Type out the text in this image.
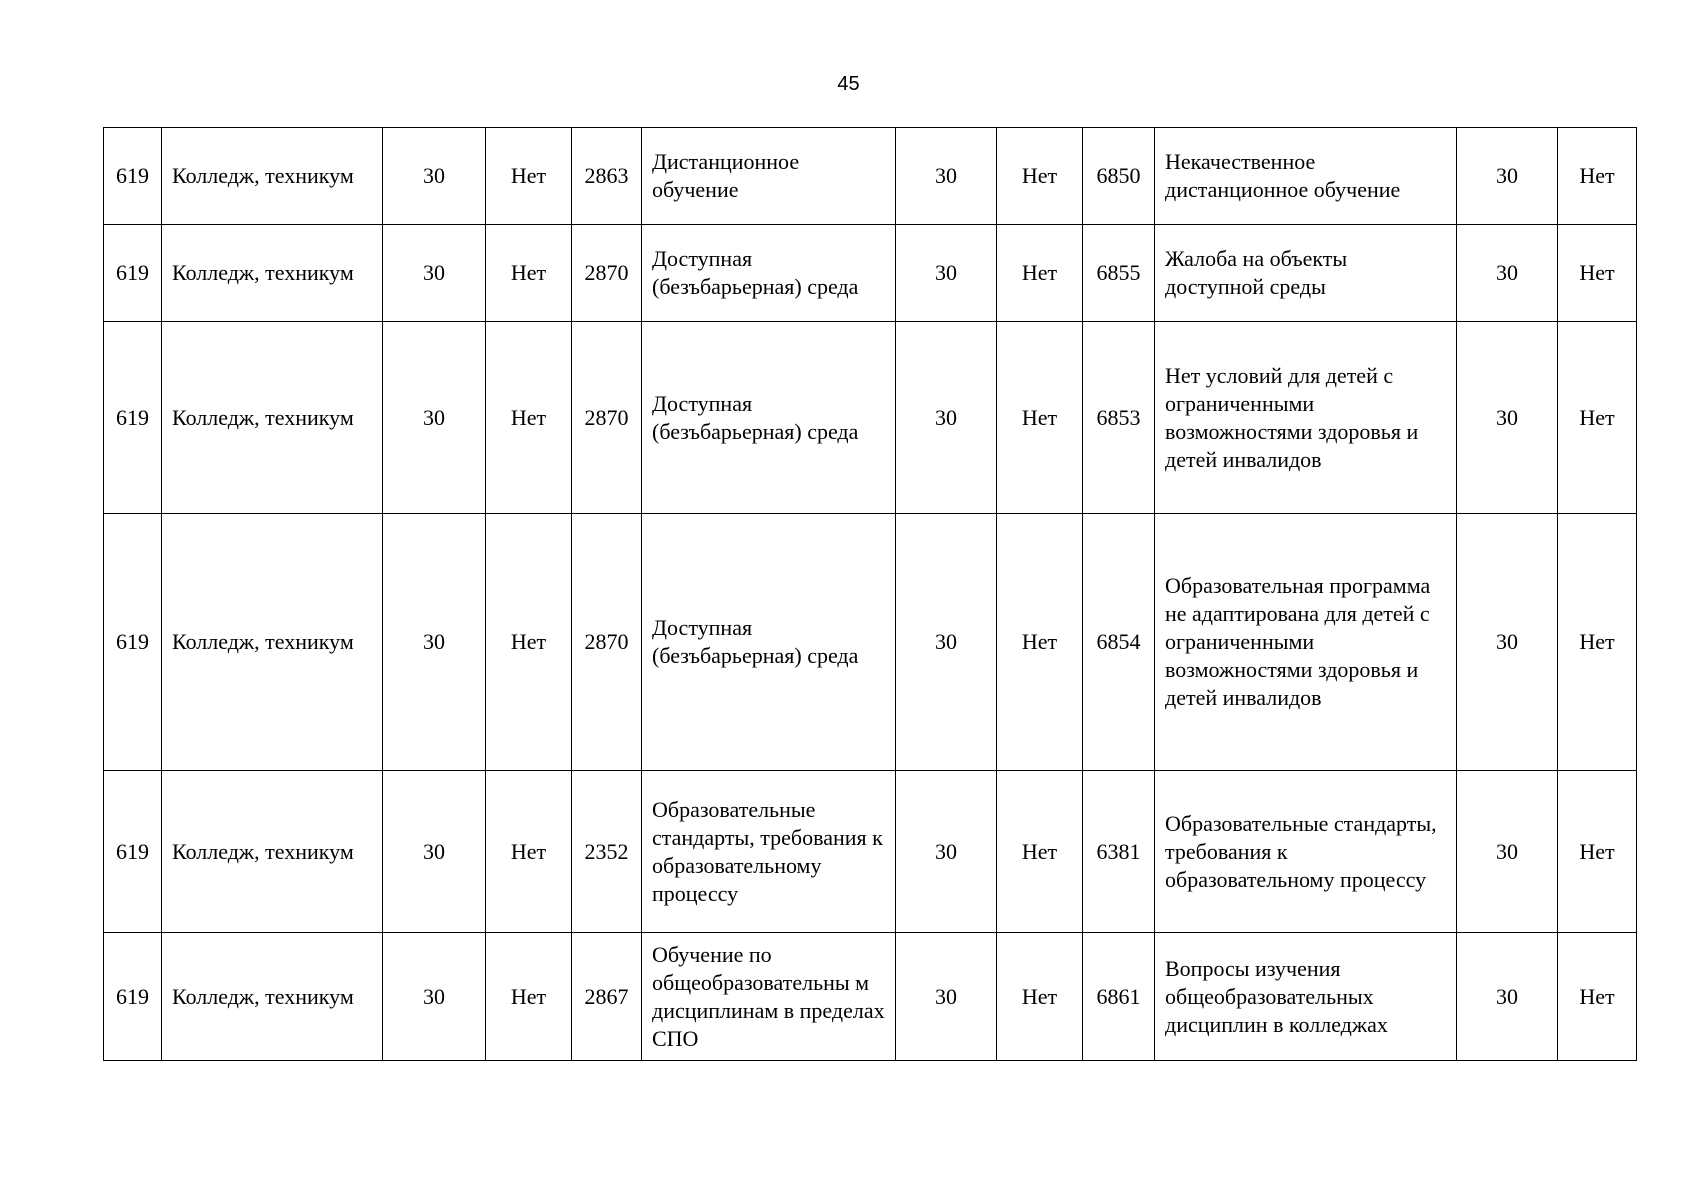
45
619	Колледж, техникум	30	Нет	2863	Дистанционное обучение	30	Нет	6850	Некачественное дистанционное обучение	30	Нет
619	Колледж, техникум	30	Нет	2870	Доступная (безъбарьерная) среда	30	Нет	6855	Жалоба на объекты доступной среды	30	Нет
619	Колледж, техникум	30	Нет	2870	Доступная (безъбарьерная) среда	30	Нет	6853	Нет условий для детей с ограниченными возможностями здоровья и детей инвалидов	30	Нет
619	Колледж, техникум	30	Нет	2870	Доступная (безъбарьерная) среда	30	Нет	6854	Образовательная программа не адаптирована для детей с ограниченными возможностями здоровья и детей инвалидов	30	Нет
619	Колледж, техникум	30	Нет	2352	Образовательные стандарты, требования к образовательному процессу	30	Нет	6381	Образовательные стандарты, требования к образовательному процессу	30	Нет
619	Колледж, техникум	30	Нет	2867	Обучение по общеобразовательны м дисциплинам в пределах СПО	30	Нет	6861	Вопросы изучения общеобразовательных дисциплин в колледжах	30	Нет
